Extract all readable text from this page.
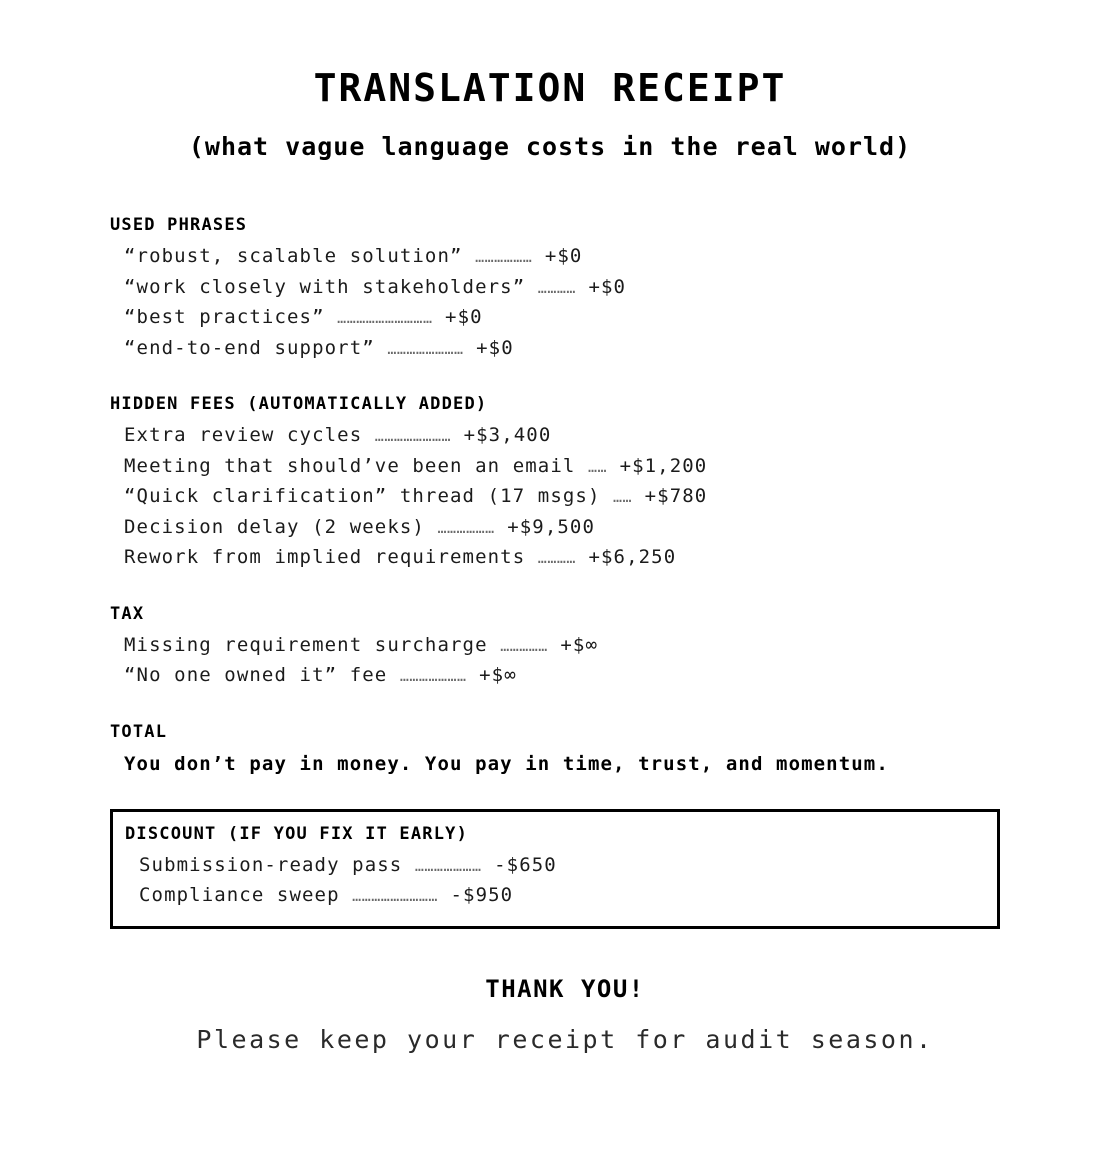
TRANSLATION RECEIPT
(what vague language costs in the real world)
USED PHRASES
“robust, scalable solution” ……………… +$0
“work closely with stakeholders” ………… +$0
“best practices” ………………………… +$0
“end-to-end support” …………………… +$0
HIDDEN FEES (AUTOMATICALLY ADDED)
Extra review cycles …………………… +$3,400
Meeting that should’ve been an email …… +$1,200
“Quick clarification” thread (17 msgs) …… +$780
Decision delay (2 weeks) ……………… +$9,500
Rework from implied requirements ………… +$6,250
TAX
Missing requirement surcharge …………… +$∞
“No one owned it” fee ………………… +$∞
TOTAL
You don’t pay in money. You pay in time, trust, and momentum.
DISCOUNT (IF YOU FIX IT EARLY)
Submission-ready pass ………………… -$650
Compliance sweep ……………………… -$950
THANK YOU!
Please keep your receipt for audit season.
